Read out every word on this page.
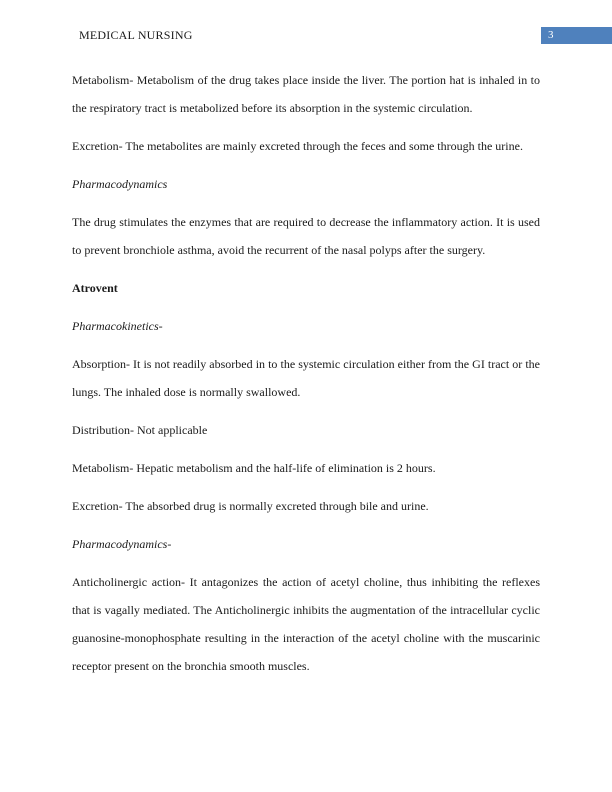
MEDICAL NURSING	3

Metabolism- Metabolism of the drug takes place inside the liver. The portion hat is inhaled in to the respiratory tract is metabolized before its absorption in the systemic circulation.

Excretion- The metabolites are mainly excreted through the feces and some through the urine.

Pharmacodynamics

The drug stimulates the enzymes that are required to decrease the inflammatory action. It is used to prevent bronchiole asthma, avoid the recurrent of the nasal polyps after the surgery.

Atrovent

Pharmacokinetics-

Absorption- It is not readily absorbed in to the systemic circulation either from the GI tract or the lungs. The inhaled dose is normally swallowed.

Distribution- Not applicable

Metabolism- Hepatic metabolism and the half-life of elimination is 2 hours.

Excretion- The absorbed drug is normally excreted through bile and urine.

Pharmacodynamics-

Anticholinergic action- It antagonizes the action of acetyl choline, thus inhibiting the reflexes that is vagally mediated. The Anticholinergic inhibits the augmentation of the intracellular cyclic guanosine-monophosphate resulting in the interaction of the acetyl choline with the muscarinic receptor present on the bronchia smooth muscles.
